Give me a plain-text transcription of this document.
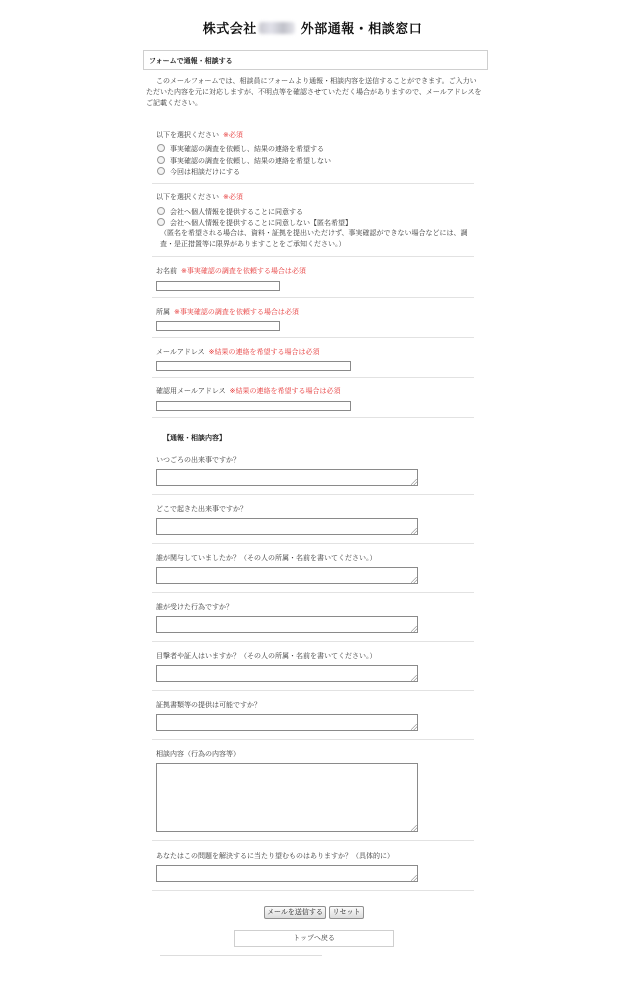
株式会社	外部通報・相談窓口
フォームで通報・相談する
このメールフォームでは、相談員にフォームより通報・相談内容を送信することができます。ご入力いただいた内容を元に対応しますが、不明点等を確認させていただく場合がありますので、メールアドレスをご記載ください。
以下を選択ください ※必須
事実確認の調査を依頼し、結果の連絡を希望する
事実確認の調査を依頼し、結果の連絡を希望しない
今回は相談だけにする
以下を選択ください ※必須
会社へ個人情報を提供することに同意する
会社へ個人情報を提供することに同意しない【匿名希望】
（匿名を希望される場合は、資料・証拠を提出いただけず、事実確認ができない場合などには、調査・是正措置等に限界がありますことをご承知ください。）
お名前 ※事実確認の調査を依頼する場合は必須
所属 ※事実確認の調査を依頼する場合は必須
メールアドレス ※結果の連絡を希望する場合は必須
確認用メールアドレス ※結果の連絡を希望する場合は必須
【通報・相談内容】
いつごろの出来事ですか？
どこで起きた出来事ですか？
誰が関与していましたか？（その人の所属・名前を書いてください。）
誰が受けた行為ですか？
目撃者や証人はいますか？（その人の所属・名前を書いてください。）
証拠書類等の提供は可能ですか？
相談内容（行為の内容等）
あなたはこの問題を解決するに当たり望むものはありますか？（具体的に）
メールを送信する	リセット
トップへ戻る
